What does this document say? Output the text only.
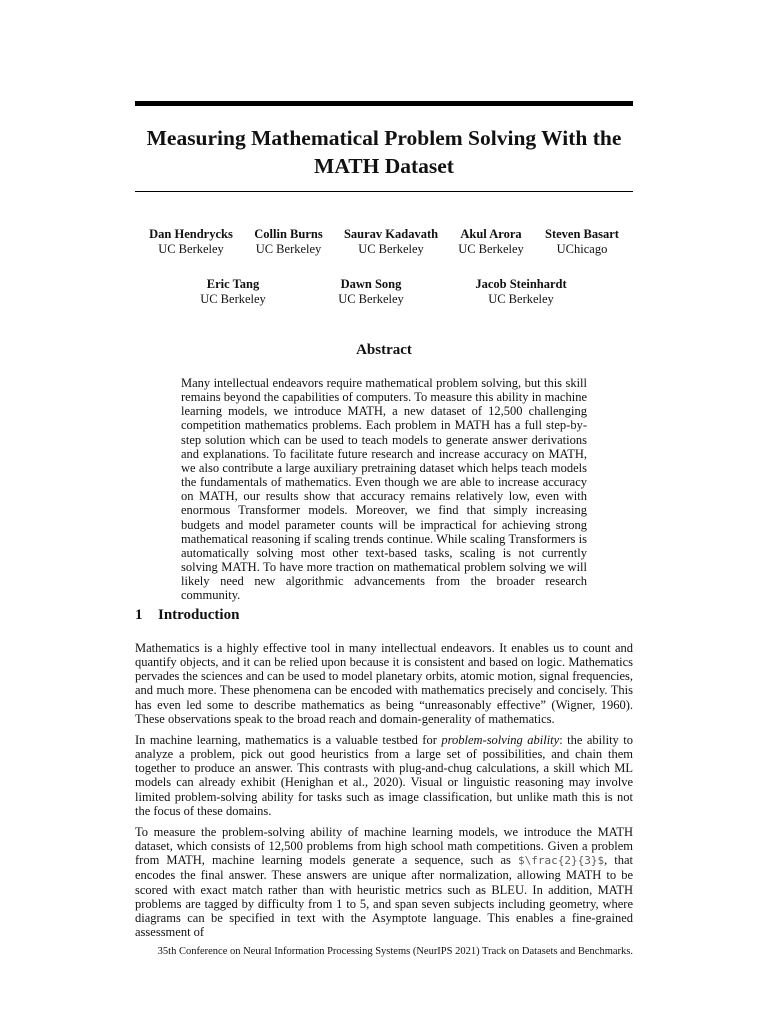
Measuring Mathematical Problem Solving With the MATH Dataset
Dan Hendrycks
UC Berkeley
Collin Burns
UC Berkeley
Saurav Kadavath
UC Berkeley
Akul Arora
UC Berkeley
Steven Basart
UChicago
Eric Tang
UC Berkeley
Dawn Song
UC Berkeley
Jacob Steinhardt
UC Berkeley
Abstract

Many intellectual endeavors require mathematical problem solving, but this skill remains beyond the capabilities of computers. To measure this ability in machine learning models, we introduce MATH, a new dataset of 12,500 challenging competition mathematics problems. Each problem in MATH has a full step-by-step solution which can be used to teach models to generate answer derivations and explanations. To facilitate future research and increase accuracy on MATH, we also contribute a large auxiliary pretraining dataset which helps teach models the fundamentals of mathematics. Even though we are able to increase accuracy on MATH, our results show that accuracy remains relatively low, even with enormous Transformer models. Moreover, we find that simply increasing budgets and model parameter counts will be impractical for achieving strong mathematical reasoning if scaling trends continue. While scaling Transformers is automatically solving most other text-based tasks, scaling is not currently solving MATH. To have more traction on mathematical problem solving we will likely need new algorithmic advancements from the broader research community.

1 Introduction

Mathematics is a highly effective tool in many intellectual endeavors. It enables us to count and quantify objects, and it can be relied upon because it is consistent and based on logic. Mathematics pervades the sciences and can be used to model planetary orbits, atomic motion, signal frequencies, and much more. These phenomena can be encoded with mathematics precisely and concisely. This has even led some to describe mathematics as being “unreasonably effective” (Wigner, 1960). These observations speak to the broad reach and domain-generality of mathematics.

In machine learning, mathematics is a valuable testbed for problem-solving ability: the ability to analyze a problem, pick out good heuristics from a large set of possibilities, and chain them together to produce an answer. This contrasts with plug-and-chug calculations, a skill which ML models can already exhibit (Henighan et al., 2020). Visual or linguistic reasoning may involve limited problem-solving ability for tasks such as image classification, but unlike math this is not the focus of these domains.

To measure the problem-solving ability of machine learning models, we introduce the MATH dataset, which consists of 12,500 problems from high school math competitions. Given a problem from MATH, machine learning models generate a sequence, such as $\frac{2}{3}$, that encodes the final answer. These answers are unique after normalization, allowing MATH to be scored with exact match rather than with heuristic metrics such as BLEU. In addition, MATH problems are tagged by difficulty from 1 to 5, and span seven subjects including geometry, where diagrams can be specified in text with the Asymptote language. This enables a fine-grained assessment of

35th Conference on Neural Information Processing Systems (NeurIPS 2021) Track on Datasets and Benchmarks.
